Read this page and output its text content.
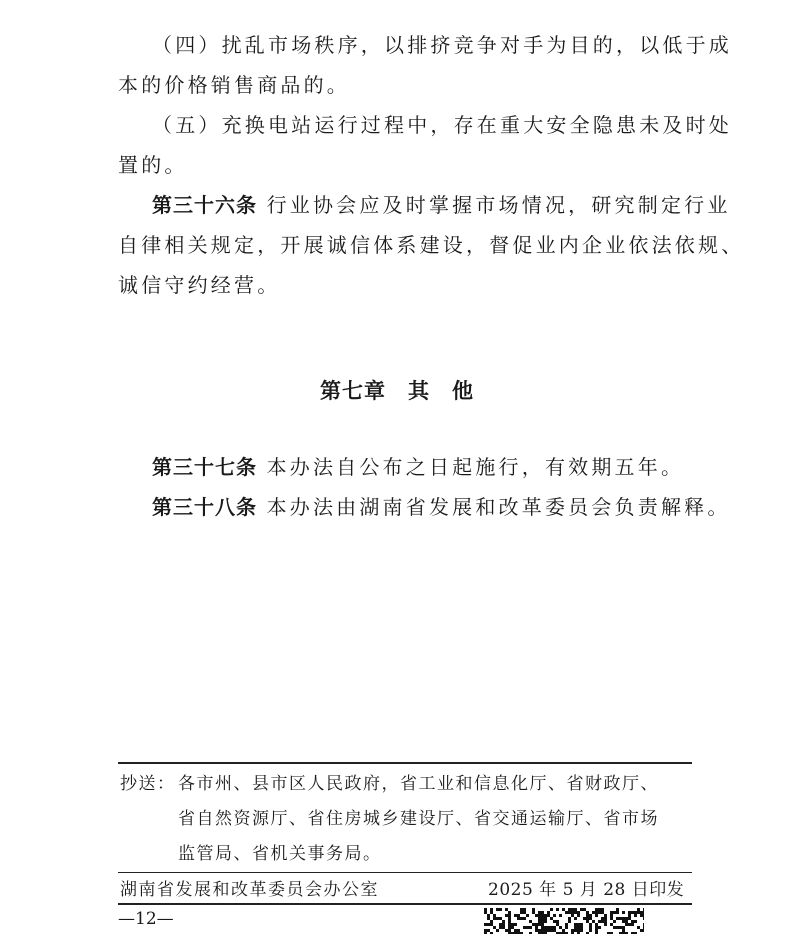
（四）扰乱市场秩序，以排挤竞争对手为目的，以低于成
本的价格销售商品的。
（五）充换电站运行过程中，存在重大安全隐患未及时处
置的。
第三十六条 行业协会应及时掌握市场情况，研究制定行业
自律相关规定，开展诚信体系建设，督促业内企业依法依规、
诚信守约经营。
第七章 其 他
第三十七条 本办法自公布之日起施行，有效期五年。
第三十八条 本办法由湖南省发展和改革委员会负责解释。
抄送： 各市州、县市区人民政府，省工业和信息化厅、省财政厅、
省自然资源厅、省住房城乡建设厅、省交通运输厅、省市场
监管局、省机关事务局。
湖南省发展和改革委员会办公室	2025 年 5 月 28 日印发
—12—
